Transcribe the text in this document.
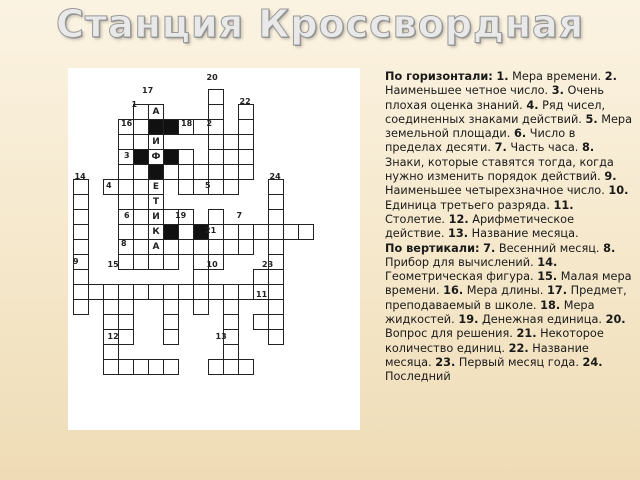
Станция Кроссвордная
А
И
Ф
Е
Т
И
К
А
17
20
1	22
16	18 2
3
14	24
4	5
6	19	7
21
8
9	15	10	23
11
12	13
По горизонтали: 1. Мера времени. 2. Наименьшее четное число. 3. Очень плохая оценка знаний. 4. Ряд чисел, соединенных знаками действий. 5. Мера земельной площади. 6. Число в пределах десяти. 7. Часть часа. 8. Знаки, которые ставятся тогда, когда нужно изменить порядок действий. 9. Наименьшее четырехзначное число. 10. Единица третьего разряда. 11. Столетие. 12. Арифметическое действие. 13. Название месяца.
По вертикали: 7. Весенний месяц. 8. Прибор для вычислений. 14. Геометрическая фигура. 15. Малая мера времени. 16. Мера длины. 17. Предмет, преподаваемый в школе. 18. Мера жидкостей. 19. Денежная единица. 20. Вопрос для решения. 21. Некоторое количество единиц. 22. Название месяца. 23. Первый месяц года. 24. Последний
